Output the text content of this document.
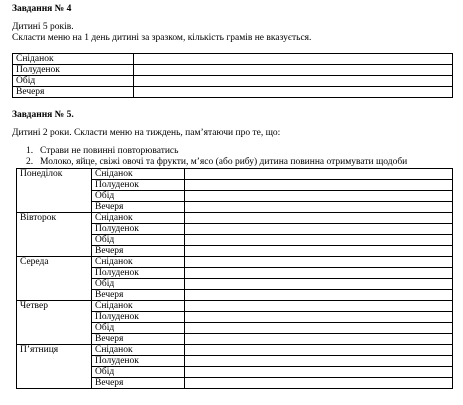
Завдання № 4
Дитині 5 років.
Скласти меню на 1 день дитині за зразком, кількість грамів не вказується.
Сніданок	
Полуденок	
Обід	
Вечеря	
Завдання № 5.
Дитині 2 роки. Скласти меню на тиждень, пам’ятаючи про те, що:
1. Страви не повинні повторюватись
2. Молоко, яйце, свіжі овочі та фрукти, м’ясо (або рибу) дитина повинна отримувати щодоби
Понеділок	Сніданок	
	Полуденок	
	Обід	
	Вечеря	
Вівторок	Сніданок	
	Полуденок	
	Обід	
	Вечеря	
Середа	Сніданок	
	Полуденок	
	Обід	
	Вечеря	
Четвер	Сніданок	
	Полуденок	
	Обід	
	Вечеря	
П’ятниця	Сніданок	
	Полуденок	
	Обід	
	Вечеря	
